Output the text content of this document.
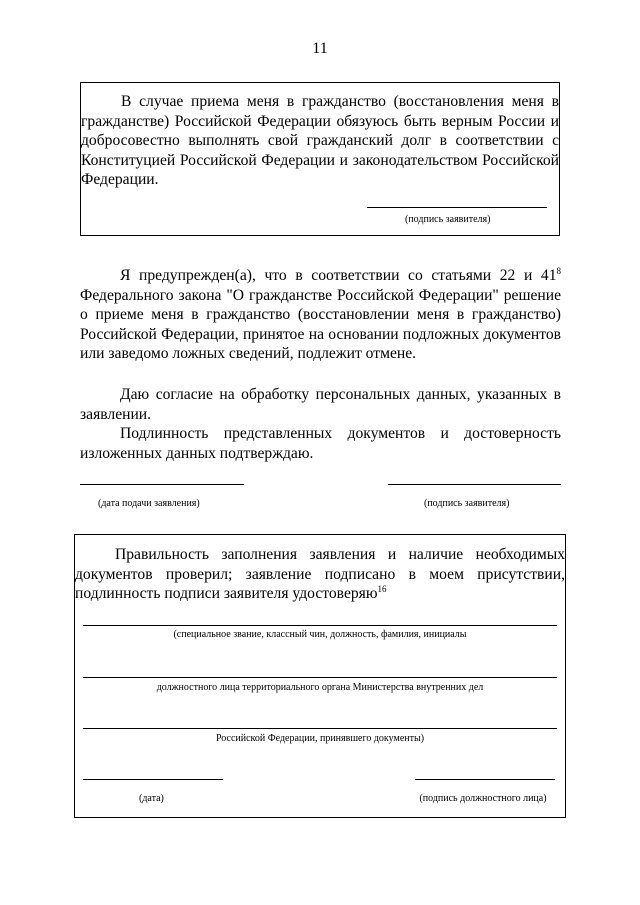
11

В случае приема меня в гражданство (восстановления меня в гражданстве) Российской Федерации обязуюсь быть верным России и добросовестно выполнять свой гражданский долг в соответствии с Конституцией Российской Федерации и законодательством Российской Федерации.

(подпись заявителя)

Я предупрежден(а), что в соответствии со статьями 22 и $41^8$ Федерального закона "О гражданстве Российской Федерации" решение о приеме меня в гражданство (восстановлении меня в гражданство) Российской Федерации, принятое на основании подложных документов или заведомо ложных сведений, подлежит отмене.

Даю согласие на обработку персональных данных, указанных в заявлении.

Подлинность представленных документов и достоверность изложенных данных подтверждаю.

(дата подачи заявления)	(подпись заявителя)

Правильность заполнения заявления и наличие необходимых документов проверил; заявление подписано в моем присутствии, подлинность подписи заявителя удостоверяю$^{16}$

(специальное звание, классный чин, должность, фамилия, инициалы
должностного лица территориального органа Министерства внутренних дел
Российской Федерации, принявшего документы)
(дата)	(подпись должностного лица)
